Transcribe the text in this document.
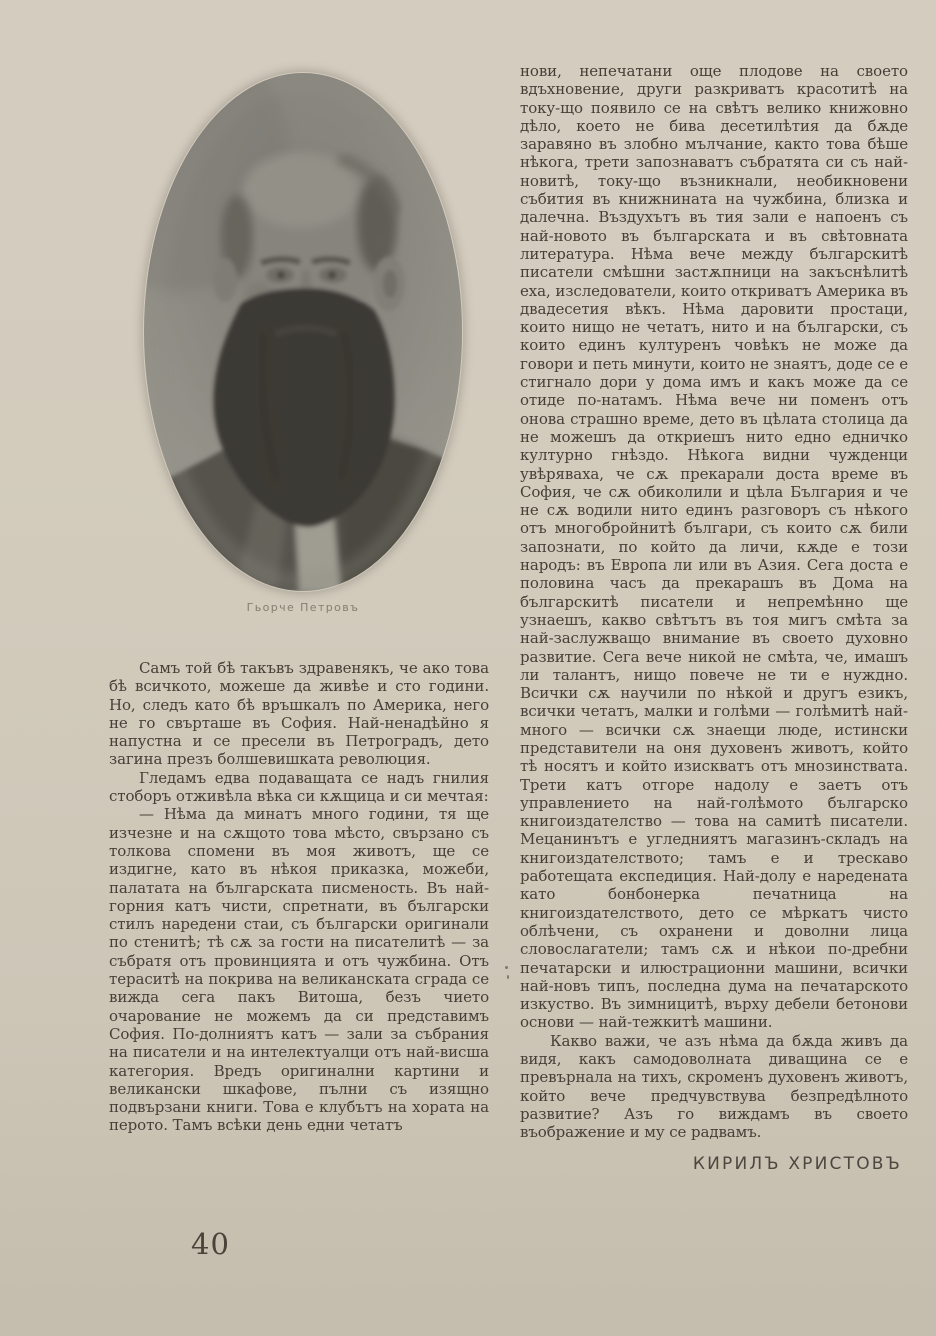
Гьорче Петровъ

Самъ той бѣ такъвъ здравенякъ, че ако това бѣ всичкото, можеше да живѣе и сто години. Но, следъ като бѣ връшкалъ по Америка, него не го свърташе въ София. Най-ненадѣйно я напустна и се пресели въ Петроградъ, дето загина презъ болшевишката революция.

Гледамъ едва подаващата се надъ гнилия стоборъ отживѣла вѣка си кѫщица и си мечтая:

— Нѣма да минатъ много години, тя ще изчезне и на сѫщото това мѣсто, свързано съ толкова спомени въ моя животъ, ще се издигне, като въ нѣкоя приказка, можеби, палатата на българската писменость. Въ най-горния катъ чисти, спретнати, въ български стилъ наредени стаи, съ български оригинали по стенитѣ; тѣ сѫ за гости на писателитѣ — за събратя отъ провинцията и отъ чужбина. Отъ тераситѣ на покрива на великанската сграда се вижда сега пакъ Витоша, безъ чието очарование не можемъ да си представимъ София. По-долниятъ катъ — зали за събрания на писатели и на интелектуалци отъ най-висша категория. Вредъ оригинални картини и великански шкафове, пълни съ изящно подвързани книги. Това е клубътъ на хората на перото. Тамъ всѣки день едни четатъ

нови, непечатани още плодове на своето вдъхновение, други разкриватъ красотитѣ на току-що появило се на свѣтъ велико книжовно дѣло, което не бива десетилѣтия да бѫде заравяно въ злобно мълчание, както това бѣше нѣкога, трети запознаватъ събратята си съ най-новитѣ, току-що възникнали, необикновени събития въ книжнината на чужбина, близка и далечна. Въздухътъ въ тия зали е напоенъ съ най-новото въ българската и въ свѣтовната литература. Нѣма вече между българскитѣ писатели смѣшни застѫпници на закъснѣлитѣ еха, изследователи, които откриватъ Америка въ двадесетия вѣкъ. Нѣма даровити простаци, които нищо не четатъ, нито и на български, съ които единъ културенъ човѣкъ не може да говори и петь минути, които не знаятъ, доде се е стигнало дори у дома имъ и какъ може да се отиде по-натамъ. Нѣма вече ни поменъ отъ онова страшно време, дето въ цѣлата столица да не можешъ да откриешъ нито едно едничко културно гнѣздо. Нѣкога видни чужденци увѣряваха, че сѫ прекарали доста време въ София, че сѫ обиколили и цѣла България и че не сѫ водили нито единъ разговоръ съ нѣкого отъ многобройнитѣ българи, съ които сѫ били запознати, по който да личи, кѫде е този народъ: въ Европа ли или въ Азия. Сега доста е половина часъ да прекарашъ въ Дома на българскитѣ писатели и непремѣнно ще узнаешъ, какво свѣтътъ въ тоя мигъ смѣта за най-заслужващо внимание въ своето духовно развитие. Сега вече никой не смѣта, че, имашъ ли талантъ, нищо повече не ти е нуждно. Всички сѫ научили по нѣкой и другъ езикъ, всички четатъ, малки и голѣми — голѣмитѣ най-много — всички сѫ знаещи люде, истински представители на оня духовенъ животъ, който тѣ носятъ и който изискватъ отъ мнозинствата. Трети катъ отгоре надолу е заетъ отъ управлението на най-голѣмото българско книгоиздателство — това на самитѣ писатели. Мецанинътъ е угледниятъ магазинъ-складъ на книгоиздателството; тамъ е и трескаво работещата експедиция. Най-долу е наредената като бонбонерка печатница на книгоиздателството, дето се мѣркатъ чисто облѣчени, съ охранени и доволни лица словослагатели; тамъ сѫ и нѣкои по-дребни печатарски и илюстрационни машини, всички най-новъ типъ, последна дума на печатарското изкуство. Въ зимницитѣ, върху дебели бетонови основи — най-тежкитѣ машини.

Какво важи, че азъ нѣма да бѫда живъ да видя, какъ самодоволната диващина се е превърнала на тихъ, скроменъ духовенъ животъ, който вече предчувствува безпредѣлното развитие? Азъ го виждамъ въ своето въображение и му се радвамъ.

КИРИЛЪ ХРИСТОВЪ
40
